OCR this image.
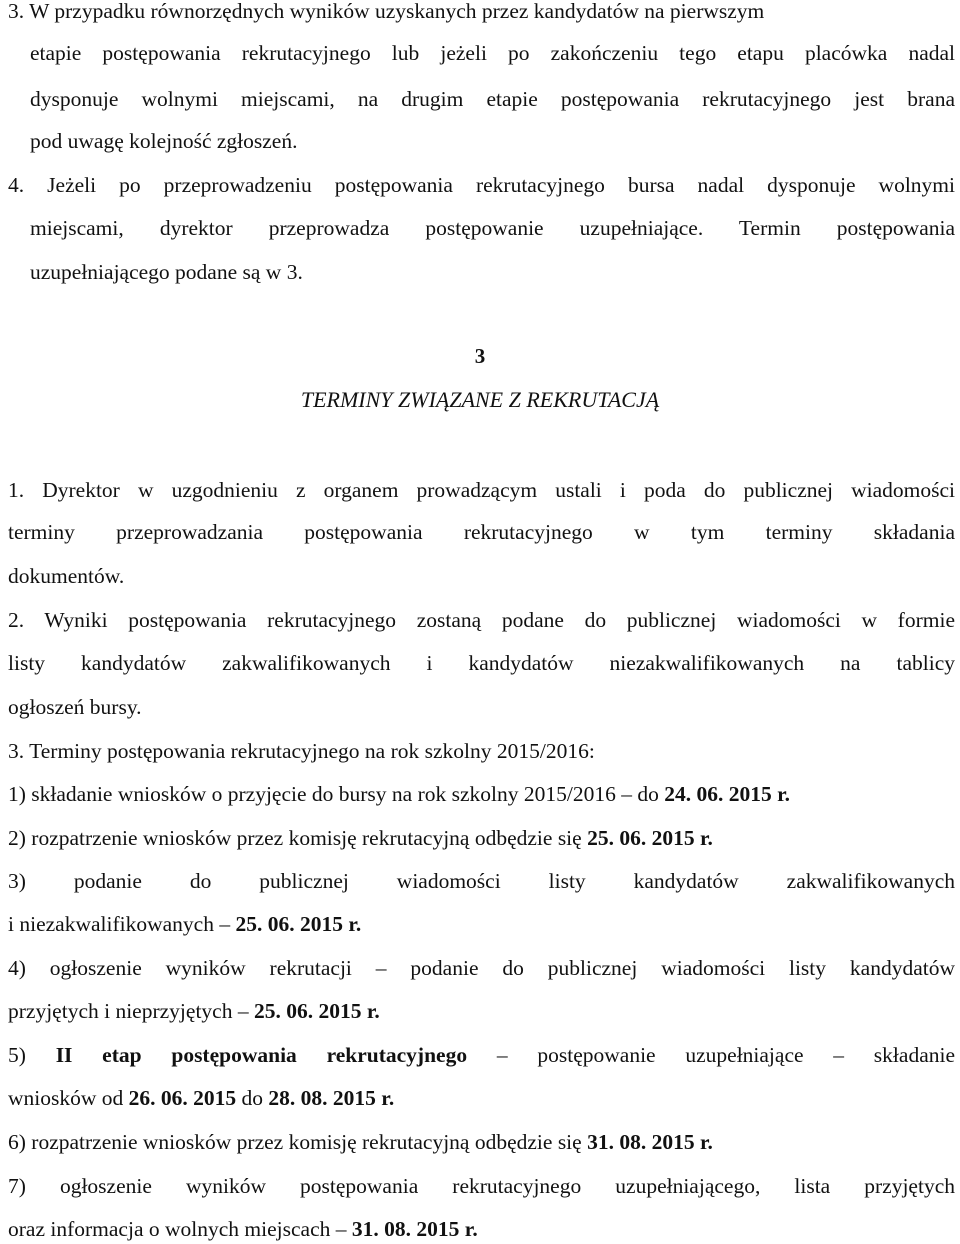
3. W przypadku równorzędnych wyników uzyskanych przez kandydatów na pierwszym
etapie postępowania rekrutacyjnego lub jeżeli po zakończeniu tego etapu placówka nadal
dysponuje wolnymi miejscami, na drugim etapie postępowania rekrutacyjnego jest brana
pod uwagę kolejność zgłoszeń.
4. Jeżeli po przeprowadzeniu postępowania rekrutacyjnego bursa nadal dysponuje wolnymi
miejscami, dyrektor przeprowadza postępowanie uzupełniające. Termin postępowania
uzupełniającego podane są w 3.
3
TERMINY ZWIĄZANE Z REKRUTACJĄ
1. Dyrektor w uzgodnieniu z organem prowadzącym ustali i poda do publicznej wiadomości
terminy przeprowadzania postępowania rekrutacyjnego w tym terminy składania
dokumentów.
2. Wyniki postępowania rekrutacyjnego zostaną podane do publicznej wiadomości w formie
listy kandydatów zakwalifikowanych i kandydatów niezakwalifikowanych na tablicy
ogłoszeń bursy.
3. Terminy postępowania rekrutacyjnego na rok szkolny 2015/2016:
1) składanie wniosków o przyjęcie do bursy na rok szkolny 2015/2016 – do 24. 06. 2015 r.
2) rozpatrzenie wniosków przez komisję rekrutacyjną odbędzie się 25. 06. 2015 r.
3) podanie do publicznej wiadomości listy kandydatów zakwalifikowanych
i niezakwalifikowanych – 25. 06. 2015 r.
4) ogłoszenie wyników rekrutacji – podanie do publicznej wiadomości listy kandydatów
przyjętych i nieprzyjętych – 25. 06. 2015 r.
5) II etap postępowania rekrutacyjnego – postępowanie uzupełniające – składanie
wniosków od 26. 06. 2015 do 28. 08. 2015 r.
6) rozpatrzenie wniosków przez komisję rekrutacyjną odbędzie się 31. 08. 2015 r.
7) ogłoszenie wyników postępowania rekrutacyjnego uzupełniającego, lista przyjętych
oraz informacja o wolnych miejscach – 31. 08. 2015 r.
